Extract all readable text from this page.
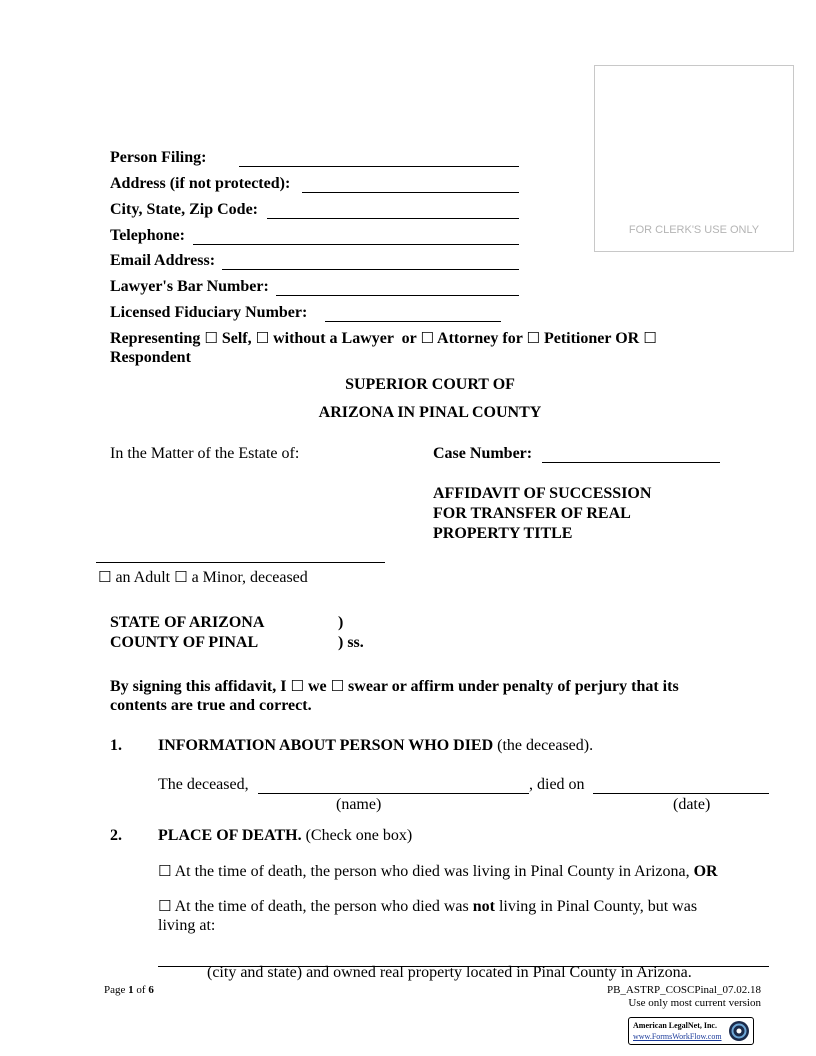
FOR CLERK'S USE ONLY
Person Filing:
Address (if not protected):
City, State, Zip Code:
Telephone:
Email Address:
Lawyer's Bar Number:
Licensed Fiduciary Number:
Representing ☐ Self, ☐ without a Lawyer or ☐ Attorney for ☐ Petitioner OR ☐
Respondent
SUPERIOR COURT OF
ARIZONA IN PINAL COUNTY
In the Matter of the Estate of:	Case Number:
AFFIDAVIT OF SUCCESSION
FOR TRANSFER OF REAL
PROPERTY TITLE
☐ an Adult ☐ a Minor, deceased
STATE OF ARIZONA	)
COUNTY OF PINAL	) ss.
By signing this affidavit, I ☐ we ☐ swear or affirm under penalty of perjury that its
contents are true and correct.
1. INFORMATION ABOUT PERSON WHO DIED (the deceased).
The deceased,	, died on
(name)	(date)
2. PLACE OF DEATH. (Check one box)
☐ At the time of death, the person who died was living in Pinal County in Arizona, OR
☐ At the time of death, the person who died was not living in Pinal County, but was
living at:
(city and state) and owned real property located in Pinal County in Arizona.
Page 1 of 6	PB_ASTRP_COSCPinal_07.02.18
Use only most current version
American LegalNet, Inc.
www.FormsWorkFlow.com
